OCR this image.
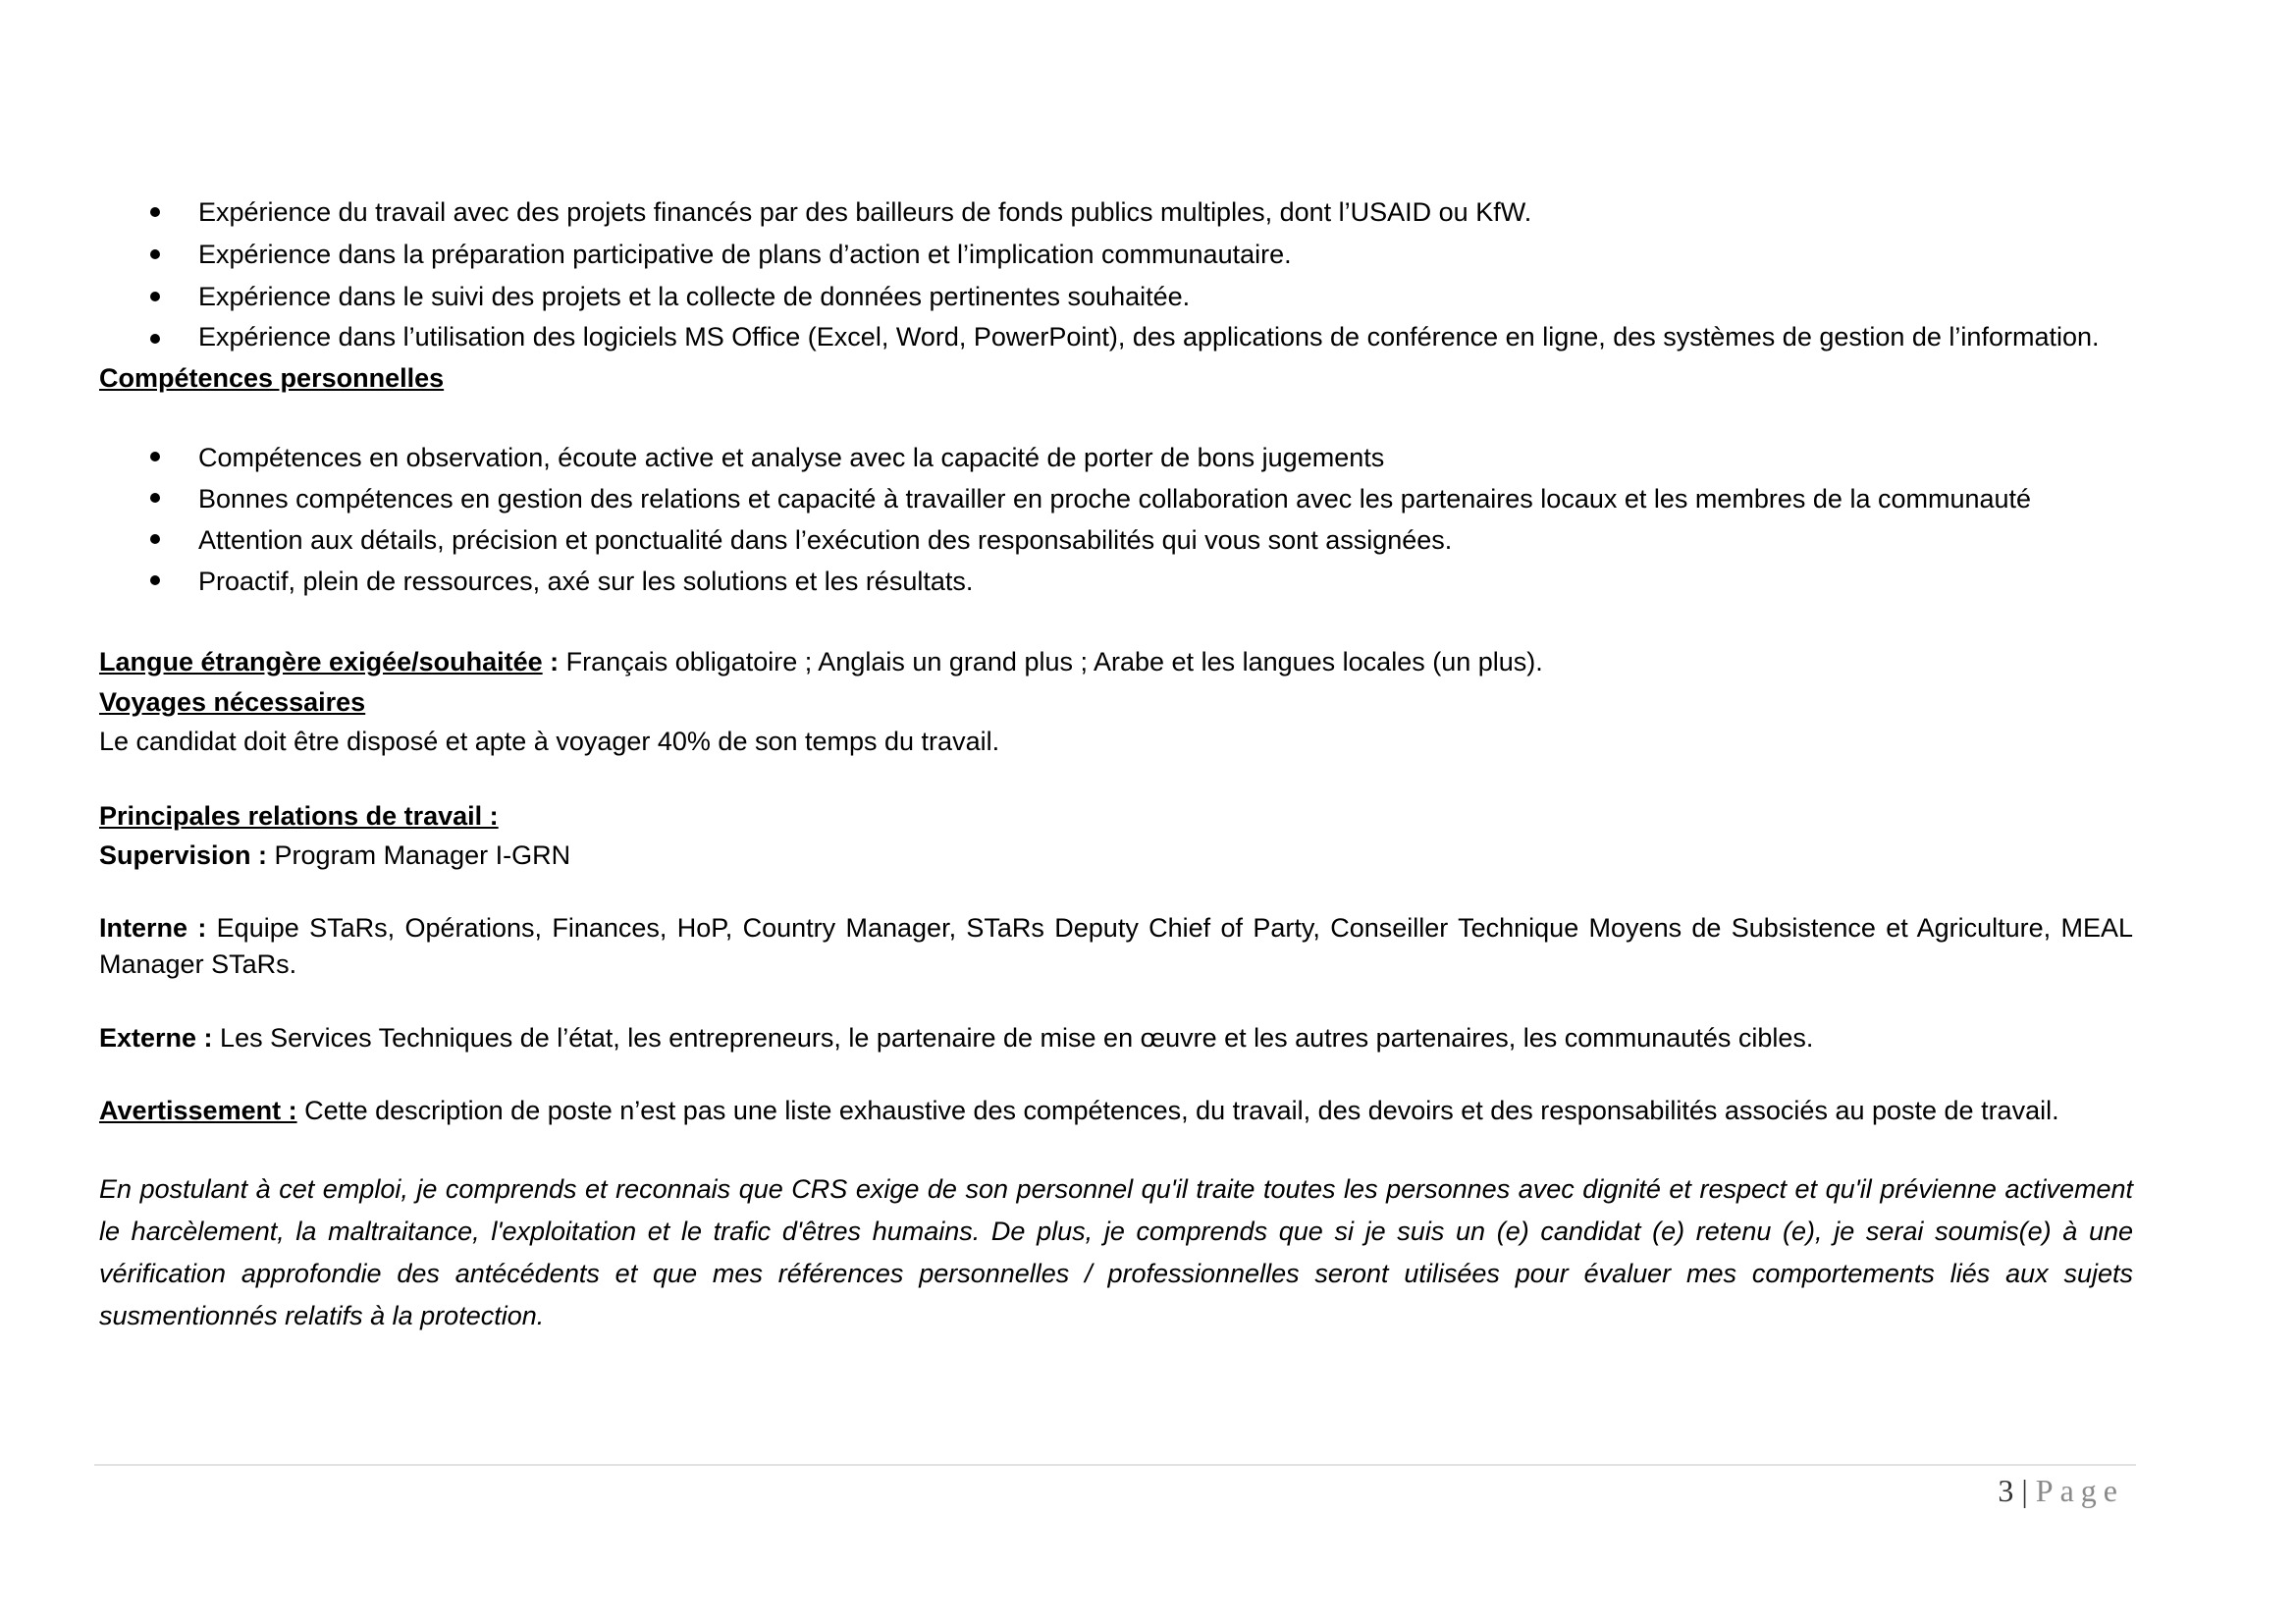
Expérience du travail avec des projets financés par des bailleurs de fonds publics multiples, dont l’USAID ou KfW.
Expérience dans la préparation participative de plans d’action et l’implication communautaire.
Expérience dans le suivi des projets et la collecte de données pertinentes souhaitée.
Expérience dans l’utilisation des logiciels MS Office (Excel, Word, PowerPoint), des applications de conférence en ligne, des systèmes de gestion de l’information.
Compétences personnelles
Compétences en observation, écoute active et analyse avec la capacité de porter de bons jugements
Bonnes compétences en gestion des relations et capacité à travailler en proche collaboration avec les partenaires locaux et les membres de la communauté
Attention aux détails, précision et ponctualité dans l’exécution des responsabilités qui vous sont assignées.
Proactif, plein de ressources, axé sur les solutions et les résultats.
Langue étrangère exigée/souhaitée : Français obligatoire ; Anglais un grand plus ; Arabe et les langues locales (un plus).
Voyages nécessaires
Le candidat doit être disposé et apte à voyager 40% de son temps du travail.
Principales relations de travail :
Supervision : Program Manager I-GRN
Interne : Equipe STaRs, Opérations, Finances, HoP, Country Manager, STaRs Deputy Chief of Party, Conseiller Technique Moyens de Subsistence et Agriculture, MEAL Manager STaRs.
Externe : Les Services Techniques de l’état, les entrepreneurs, le partenaire de mise en œuvre et les autres partenaires, les communautés cibles.
Avertissement : Cette description de poste n’est pas une liste exhaustive des compétences, du travail, des devoirs et des responsabilités associés au poste de travail.
En postulant à cet emploi, je comprends et reconnais que CRS exige de son personnel qu'il traite toutes les personnes avec dignité et respect et qu'il prévienne activement le harcèlement, la maltraitance, l'exploitation et le trafic d'êtres humains. De plus, je comprends que si je suis un (e) candidat (e) retenu (e), je serai soumis(e) à une vérification approfondie des antécédents et que mes références personnelles / professionnelles seront utilisées pour évaluer mes comportements liés aux sujets susmentionnés relatifs à la protection.
3 | Page
